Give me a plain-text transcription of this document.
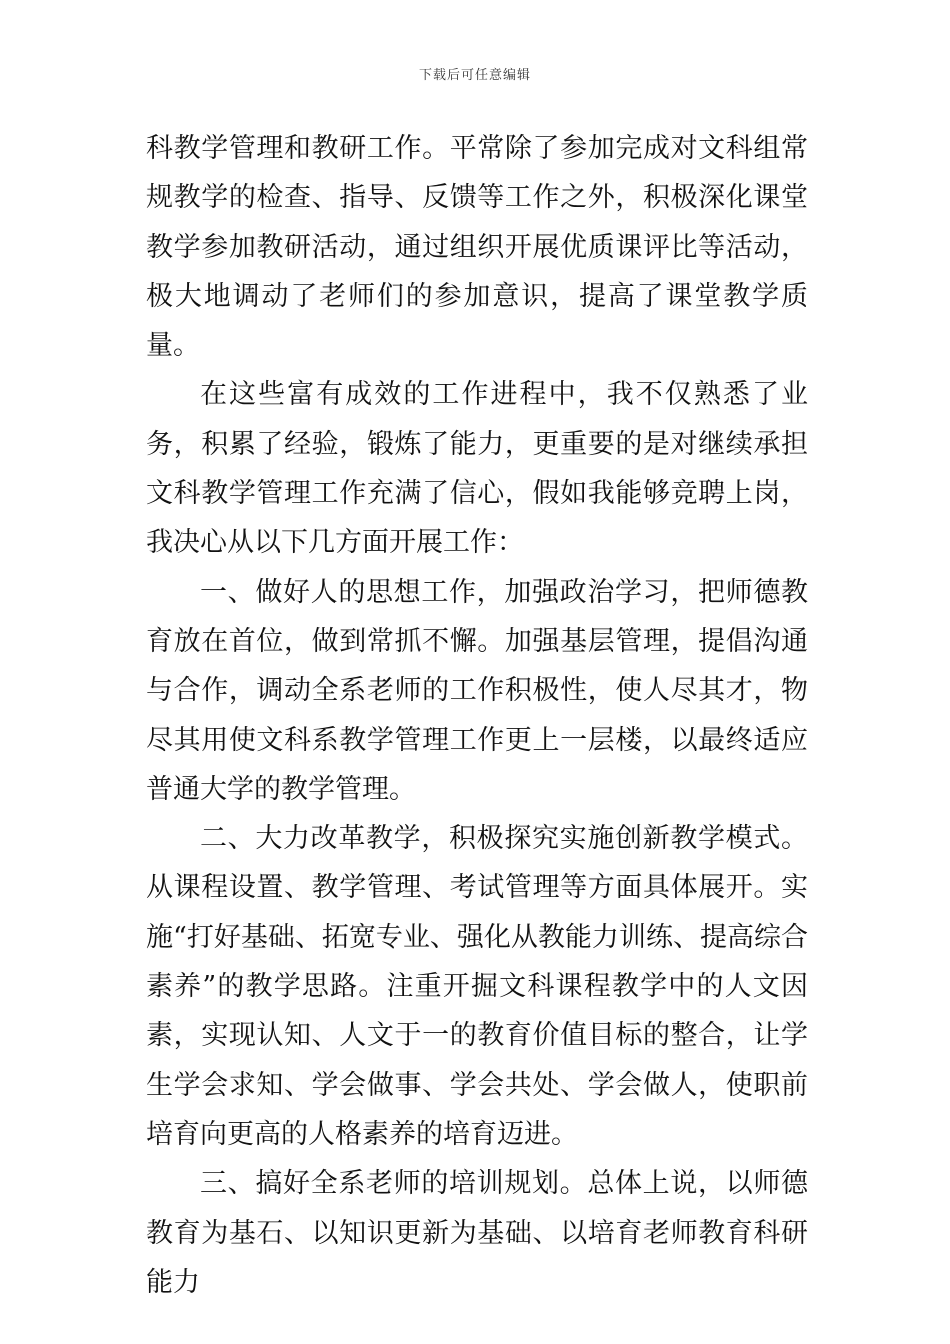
下载后可任意编辑

科教学管理和教研工作。平常除了参加完成对文科组常规教学的检查、指导、反馈等工作之外，积极深化课堂教学参加教研活动，通过组织开展优质课评比等活动，极大地调动了老师们的参加意识，提高了课堂教学质量。

在这些富有成效的工作进程中，我不仅熟悉了业务，积累了经验，锻炼了能力，更重要的是对继续承担文科教学管理工作充满了信心，假如我能够竞聘上岗，我决心从以下几方面开展工作：

一、做好人的思想工作，加强政治学习，把师德教育放在首位，做到常抓不懈。加强基层管理，提倡沟通与合作，调动全系老师的工作积极性，使人尽其才，物尽其用使文科系教学管理工作更上一层楼，以最终适应普通大学的教学管理。

二、大力改革教学，积极探究实施创新教学模式。从课程设置、教学管理、考试管理等方面具体展开。实施“打好基础、拓宽专业、强化从教能力训练、提高综合素养”的教学思路。注重开掘文科课程教学中的人文因素，实现认知、人文于一的教育价值目标的整合，让学生学会求知、学会做事、学会共处、学会做人，使职前培育向更高的人格素养的培育迈进。

三、搞好全系老师的培训规划。总体上说，以师德教育为基石、以知识更新为基础、以培育老师教育科研能力
